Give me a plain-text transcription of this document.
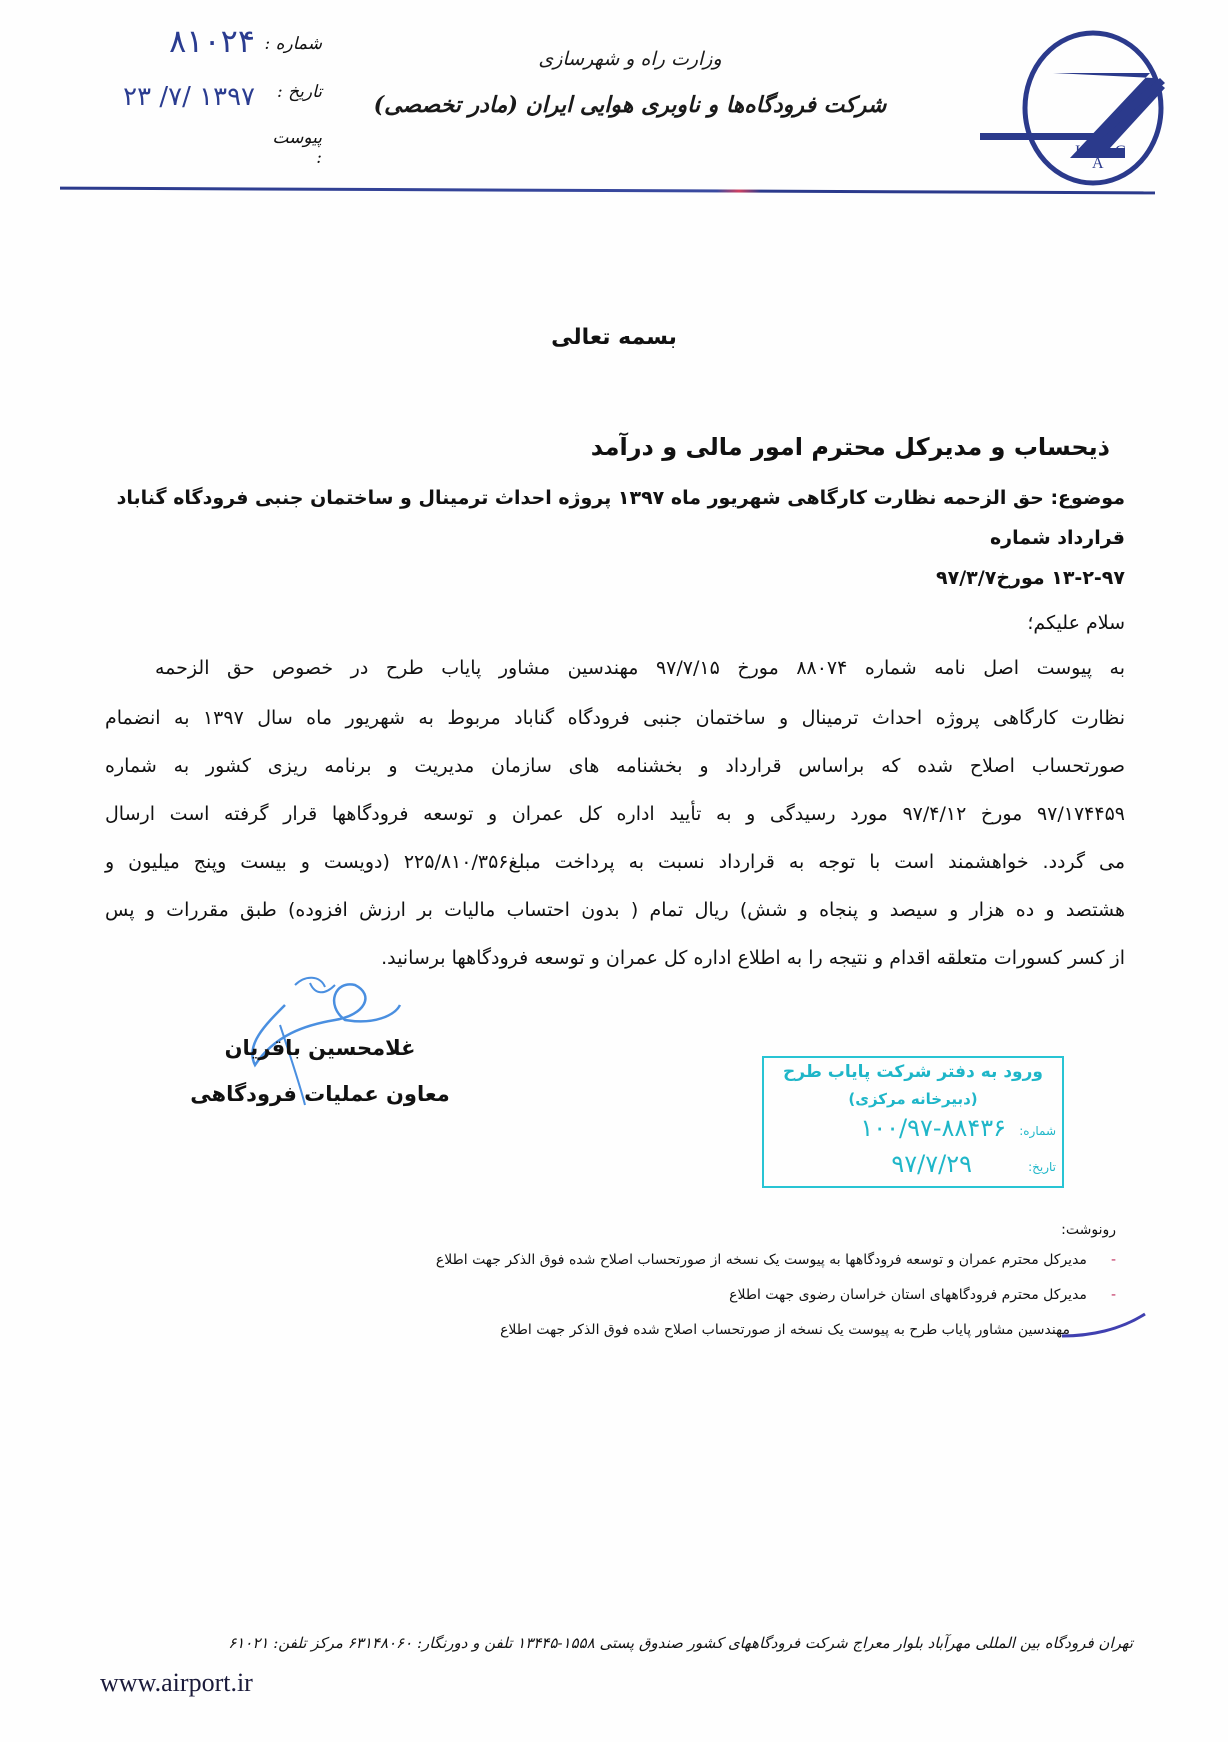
I
A
C
وزارت راه و شهرسازی
شرکت فرودگاه‌ها و ناوبری هوایی ایران (مادر تخصصی)
شماره :
۸۱۰۲۴
تاریخ :
۱۳۹۷ /۷/ ۲۳
پیوست :
بسمه تعالی
ذیحساب و مدیرکل محترم امور مالی و درآمد
موضوع: حق الزحمه نظارت کارگاهی شهریور ماه ۱۳۹۷ پروژه احداث ترمینال و ساختمان جنبی فرودگاه گناباد قرارداد شماره
۱۳-۲-۹۷ مورخ۹۷/۳/۷
سلام علیکم؛
به پیوست اصل نامه شماره ۸۸۰۷۴ مورخ ۹۷/۷/۱۵ مهندسین مشاور پایاب طرح در خصوص حق الزحمه
نظارت کارگاهی پروژه احداث ترمینال و ساختمان جنبی فرودگاه گناباد مربوط به شهریور ماه سال ۱۳۹۷ به انضمام
صورتحساب اصلاح شده که براساس قرارداد و بخشنامه های سازمان مدیریت و برنامه ریزی کشور به شماره
۹۷/۱۷۴۴۵۹ مورخ ۹۷/۴/۱۲ مورد رسیدگی و به تأیید اداره کل عمران و توسعه فرودگاهها قرار گرفته است ارسال
می گردد. خواهشمند است با توجه به قرارداد نسبت به پرداخت مبلغ۲۲۵/۸۱۰/۳۵۶ (دویست و بیست وپنج میلیون و
هشتصد و ده هزار و سیصد و پنجاه و شش) ریال تمام ( بدون احتساب مالیات بر ارزش افزوده) طبق مقررات و پس
از کسر کسورات متعلقه اقدام و نتیجه را به اطلاع اداره کل عمران و توسعه فرودگاهها برسانید.
غلامحسین باقریان
معاون عملیات فرودگاهی
ورود به دفتر شرکت پایاب طرح
(دبیرخانه مرکزی)
شماره:
۱۰۰/۹۷-۸۸۴۳۶
تاریخ:
۹۷/۷/۲۹
رونوشت:
-مدیرکل محترم عمران و توسعه فرودگاهها به پیوست یک نسخه از صورتحساب اصلاح شده فوق الذکر جهت اطلاع
-مدیرکل محترم فرودگاههای استان خراسان رضوی جهت اطلاع
مهندسین مشاور پایاب طرح به پیوست یک نسخه از صورتحساب اصلاح شده فوق الذکر جهت اطلاع
تهران فرودگاه بین المللی مهرآباد بلوار معراج شرکت فرودگاههای کشور صندوق پستی ۱۵۵۸-۱۳۴۴۵ تلفن و دورنگار: ۶۳۱۴۸۰۶۰ مرکز تلفن: ۶۱۰۲۱
www.airport.ir
